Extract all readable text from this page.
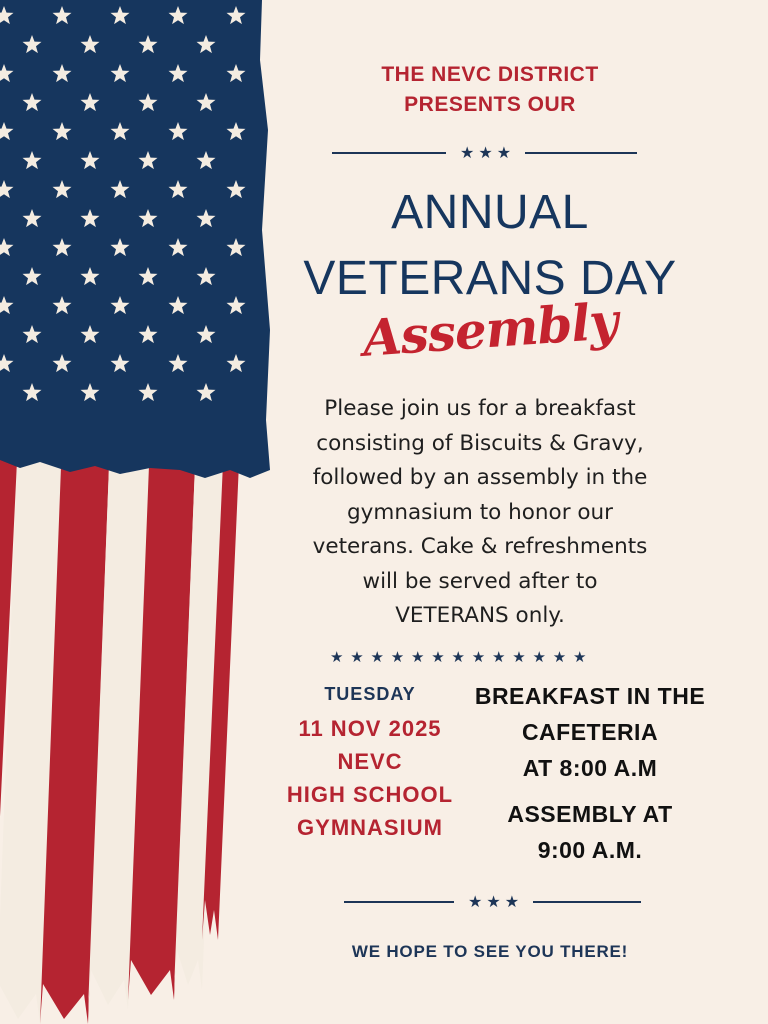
THE NEVC DISTRICT
PRESENTS OUR
★★★
ANNUAL
VETERANS DAY
Assembly
Please join us for a breakfast
consisting of Biscuits & Gravy,
followed by an assembly in the
gymnasium to honor our
veterans. Cake & refreshments
will be served after to
VETERANS only.
★★★★★★★★★★★★★
TUESDAY
11 NOV 2025
NEVC
HIGH SCHOOL
GYMNASIUM
BREAKFAST IN THE
CAFETERIA
AT 8:00 A.M
ASSEMBLY AT
9:00 A.M.
★★★
WE HOPE TO SEE YOU THERE!
